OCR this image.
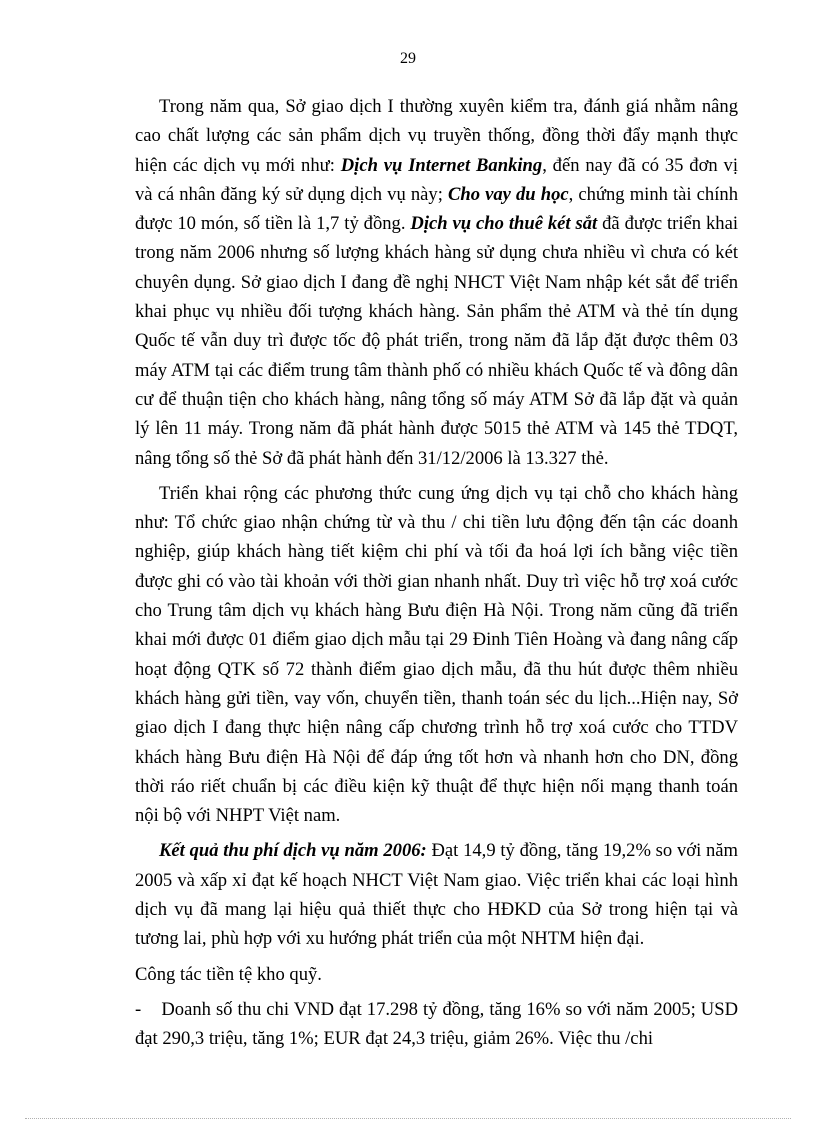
29

Trong năm qua, Sở giao dịch I thường xuyên kiểm tra, đánh giá nhằm nâng cao chất lượng các sản phẩm dịch vụ truyền thống, đồng thời đẩy mạnh thực hiện các dịch vụ mới như: Dịch vụ Internet Banking, đến nay đã có 35 đơn vị và cá nhân đăng ký sử dụng dịch vụ này; Cho vay du học, chứng minh tài chính được 10 món, số tiền là 1,7 tỷ đồng. Dịch vụ cho thuê két sắt đã được triển khai trong năm 2006 nhưng số lượng khách hàng sử dụng chưa nhiều vì chưa có két chuyên dụng. Sở giao dịch I đang đề nghị NHCT Việt Nam nhập két sắt để triển khai phục vụ nhiều đối tượng khách hàng. Sản phẩm thẻ ATM và thẻ tín dụng Quốc tế vẫn duy trì được tốc độ phát triển, trong năm đã lắp đặt được thêm 03 máy ATM tại các điểm trung tâm thành phố có nhiều khách Quốc tế và đông dân cư để thuận tiện cho khách hàng, nâng tổng số máy ATM Sở đã lắp đặt và quản lý lên 11 máy. Trong năm đã phát hành được 5015 thẻ ATM và 145 thẻ TDQT, nâng tổng số thẻ Sở đã phát hành đến 31/12/2006 là 13.327 thẻ.

Triển khai rộng các phương thức cung ứng dịch vụ tại chỗ cho khách hàng như: Tổ chức giao nhận chứng từ và thu / chi tiền lưu động đến tận các doanh nghiệp, giúp khách hàng tiết kiệm chi phí và tối đa hoá lợi ích bằng việc tiền được ghi có vào tài khoản với thời gian nhanh nhất. Duy trì việc hỗ trợ xoá cước cho Trung tâm dịch vụ khách hàng Bưu điện Hà Nội. Trong năm cũng đã triển khai mới được 01 điểm giao dịch mẫu tại 29 Đinh Tiên Hoàng và đang nâng cấp hoạt động QTK số 72 thành điểm giao dịch mẫu, đã thu hút được thêm nhiều khách hàng gửi tiền, vay vốn, chuyển tiền, thanh toán séc du lịch...Hiện nay, Sở giao dịch I đang thực hiện nâng cấp chương trình hỗ trợ xoá cước cho TTDV khách hàng Bưu điện Hà Nội để đáp ứng tốt hơn và nhanh hơn cho DN, đồng thời ráo riết chuẩn bị các điều kiện kỹ thuật để thực hiện nối mạng thanh toán nội bộ với NHPT Việt nam.

Kết quả thu phí dịch vụ năm 2006: Đạt 14,9 tỷ đồng, tăng 19,2% so với năm 2005 và xấp xỉ đạt kế hoạch NHCT Việt Nam giao. Việc triển khai các loại hình dịch vụ đã mang lại hiệu quả thiết thực cho HĐKD của Sở trong hiện tại và tương lai, phù hợp với xu hướng phát triển của một NHTM hiện đại.

Công tác tiền tệ kho quỹ.

- Doanh số thu chi VND đạt 17.298 tỷ đồng, tăng 16% so với năm 2005; USD đạt 290,3 triệu, tăng 1%; EUR đạt 24,3 triệu, giảm 26%. Việc thu /chi
